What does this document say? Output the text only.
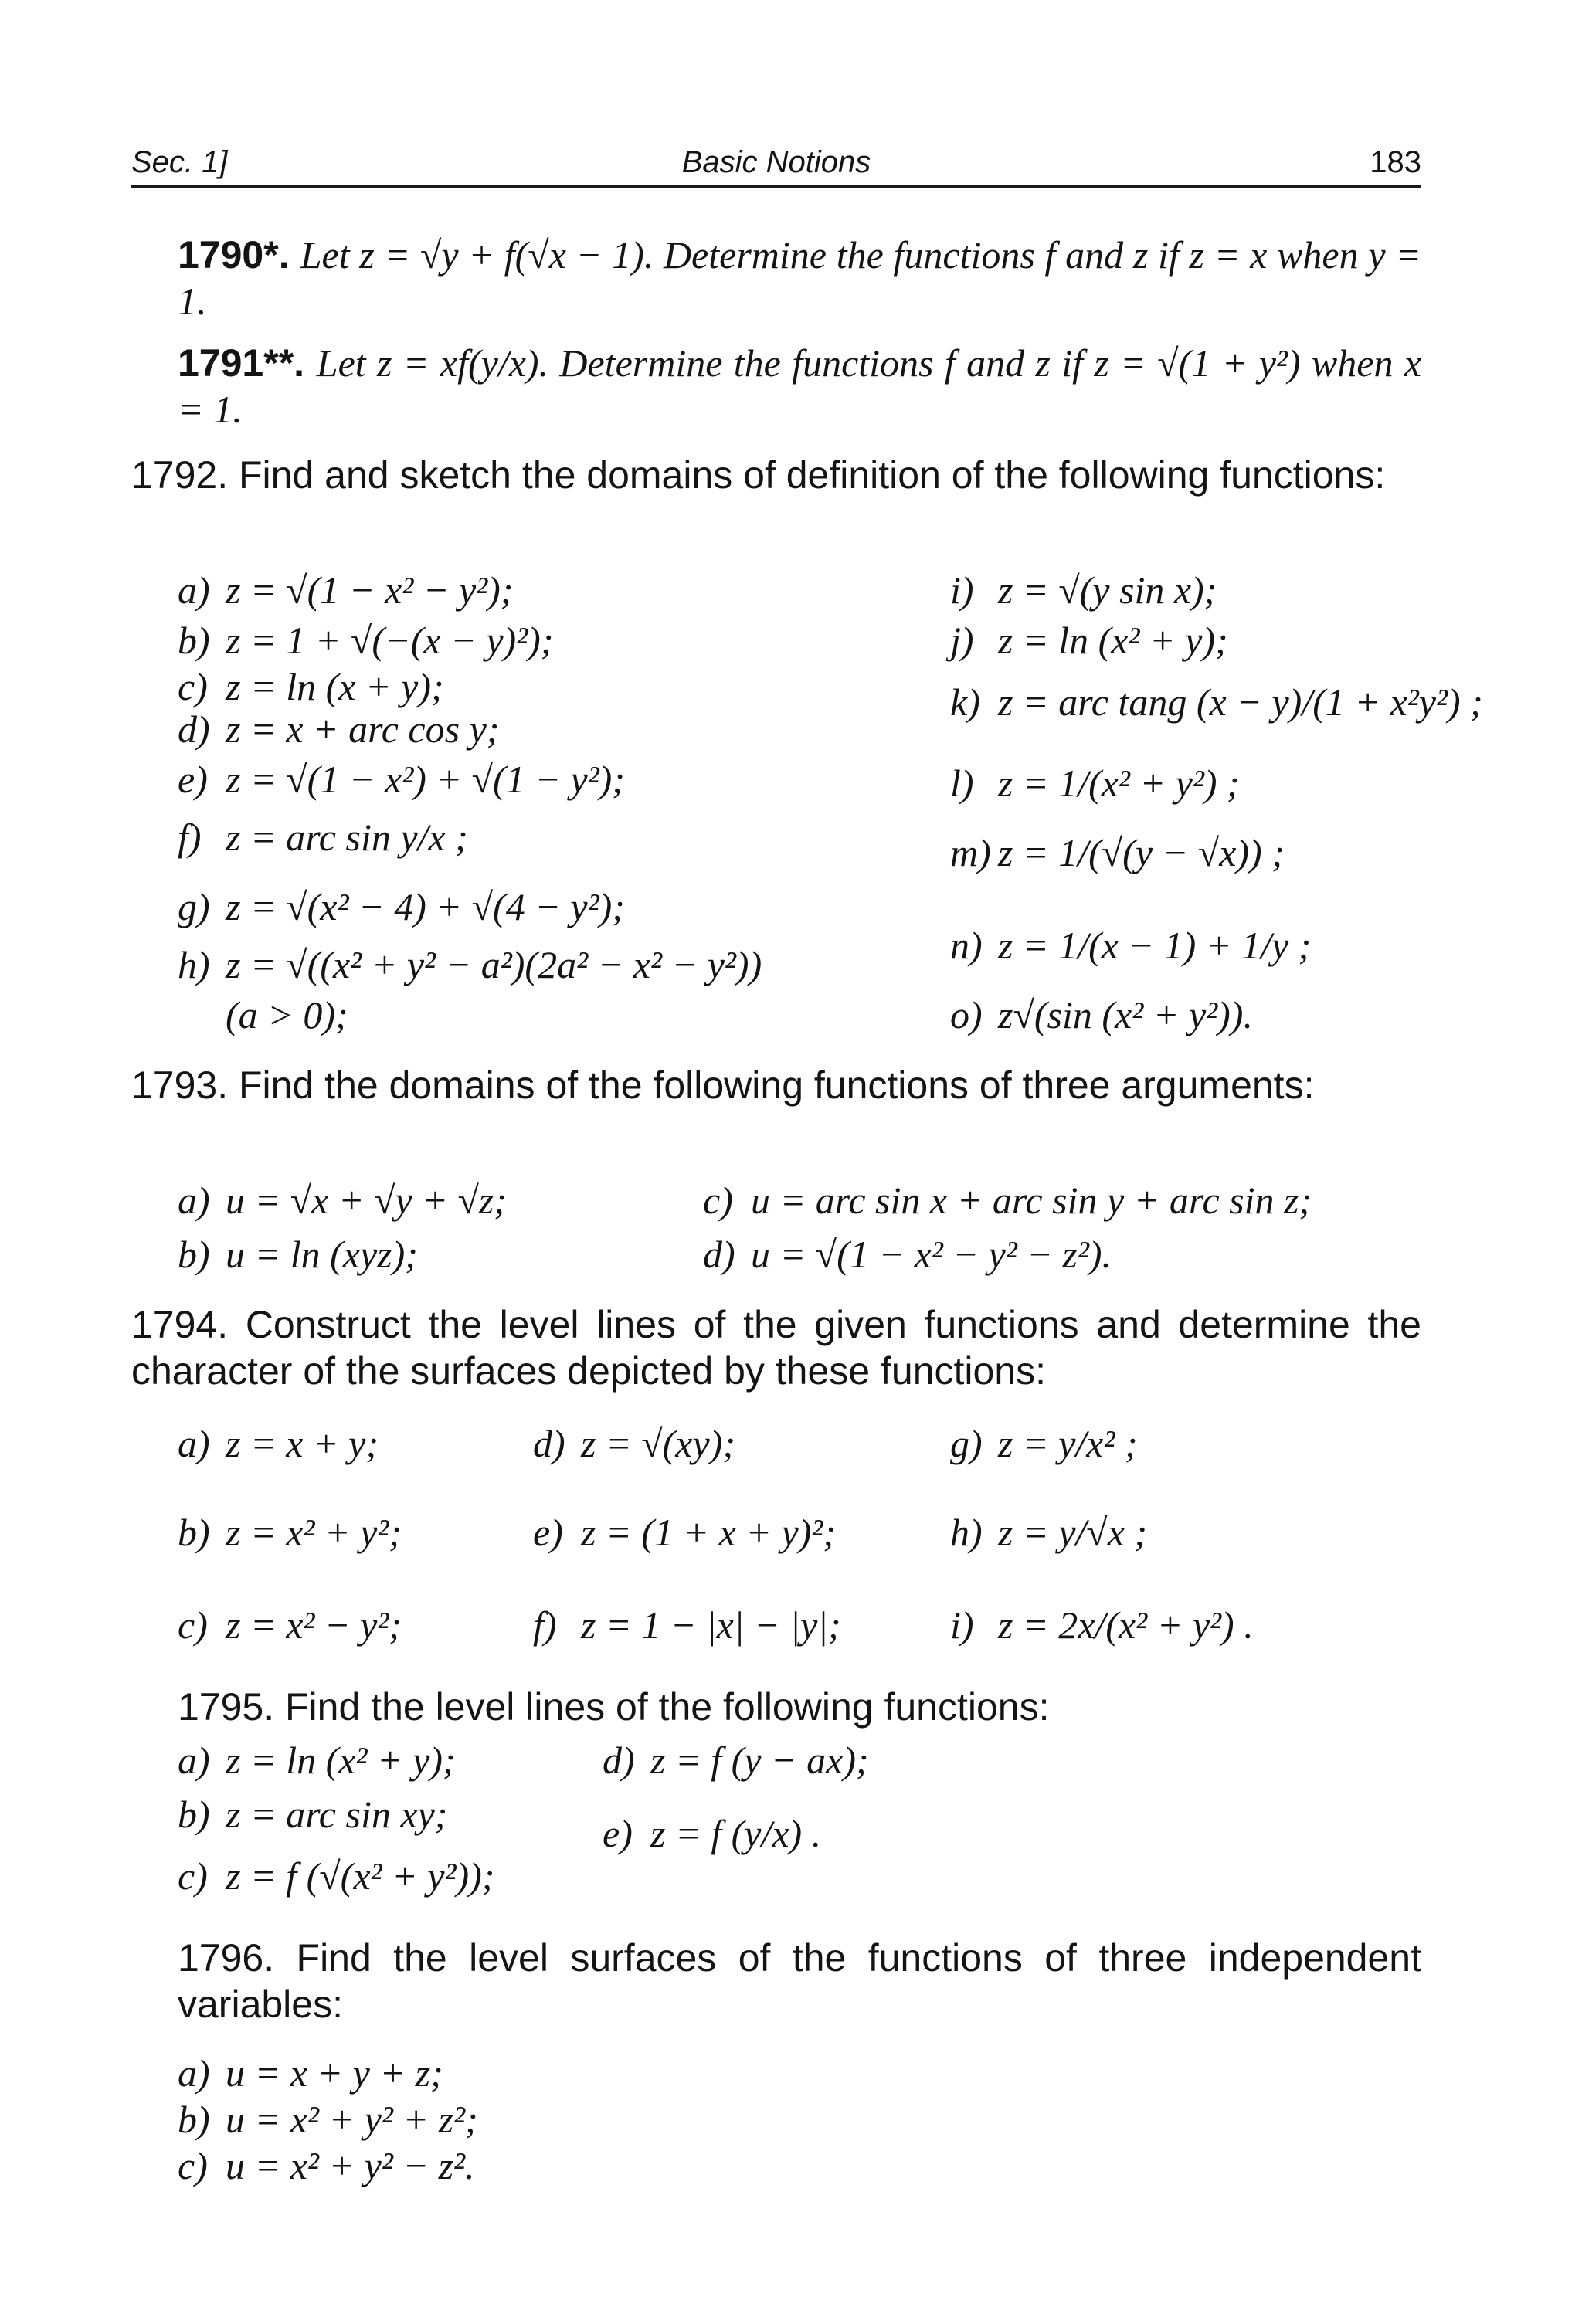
Sec. 1]	Basic Notions	183
1790*. Let z = √y + f(√x − 1). Determine the functions f and z if z = x when y = 1.
1791**. Let z = xf(y/x). Determine the functions f and z if z = √(1 + y²) when x = 1.
1792. Find and sketch the domains of definition of the following functions:
a) z = √(1 − x² − y²);
b) z = 1 + √(−(x − y)²);
c) z = ln (x + y);
d) z = x + arc cos y;
e) z = √(1 − x²) + √(1 − y²);
f) z = arc sin y/x ;
g) z = √(x² − 4) + √(4 − y²);
h) z = √((x² + y² − a²)(2a² − x² − y²))
(a > 0);
i) z = √(y sin x);
j) z = ln (x² + y);
k) z = arc tang (x − y)/(1 + x²y²) ;
l) z = 1/(x² + y²) ;
m) z = 1/(√(y − √x)) ;
n) z = 1/(x − 1) + 1/y ;
o) z√(sin (x² + y²)).
1793. Find the domains of the following functions of three arguments:
a) u = √x + √y + √z;
b) u = ln (xyz);
c) u = arc sin x + arc sin y + arc sin z;
d) u = √(1 − x² − y² − z²).
1794. Construct the level lines of the given functions and determine the character of the surfaces depicted by these functions:
a) z = x + y;
b) z = x² + y²;
c) z = x² − y²;
d) z = √(xy);
e) z = (1 + x + y)²;
f) z = 1 − |x| − |y|;
g) z = y/x² ;
h) z = y/√x ;
i) z = 2x/(x² + y²) .
1795. Find the level lines of the following functions:
a) z = ln (x² + y);
b) z = arc sin xy;
c) z = f (√(x² + y²));
d) z = f (y − ax);
e) z = f (y/x) .
1796. Find the level surfaces of the functions of three independent variables:
a) u = x + y + z;
b) u = x² + y² + z²;
c) u = x² + y² − z².
